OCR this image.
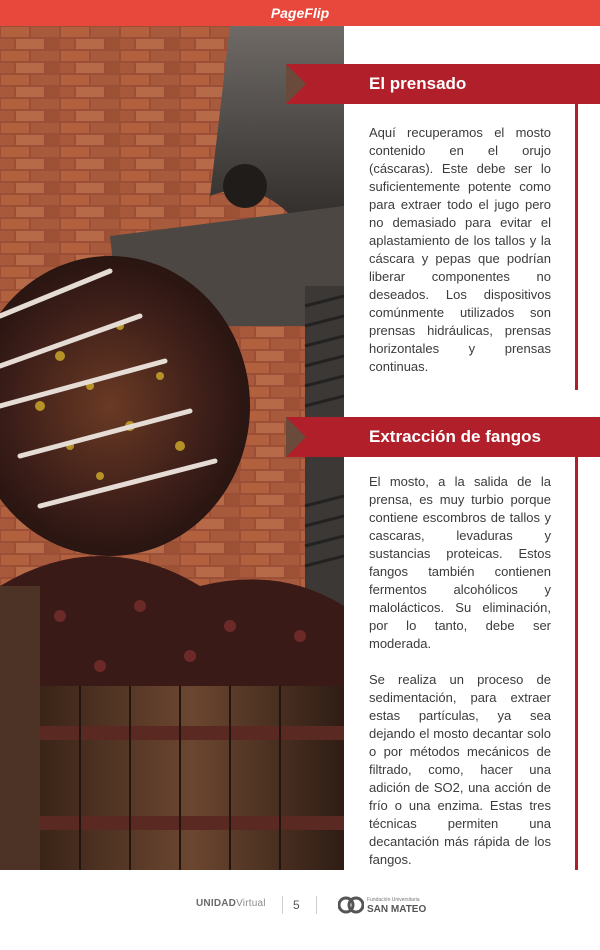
PageFlip
El prensado

Aquí recuperamos el mosto contenido en el orujo (cáscaras). Este debe ser lo suficientemente potente como para extraer todo el jugo pero no demasiado para evitar el aplastamiento de los tallos y la cáscara y pepas que podrían liberar componentes no deseados. Los dispositivos comúnmente utilizados son prensas hidráulicas, prensas horizontales y prensas continuas.

Extracción de fangos

El mosto, a la salida de la prensa, es muy turbio porque contiene escombros de tallos y cascaras, levaduras y sustancias proteicas. Estos fangos también contienen fermentos alcohólicos y malolácticos. Su eliminación, por lo tanto, debe ser moderada.

Se realiza un proceso de sedimentación, para extraer estas partículas, ya sea dejando el mosto decantar solo o por métodos mecánicos de filtrado, como, hacer una adición de SO2, una acción de frío o una enzima. Estas tres técnicas permiten una decantación más rápida de los fangos.

UNIDADVirtual 5	Fundación Universitaria
SAN MATEO
